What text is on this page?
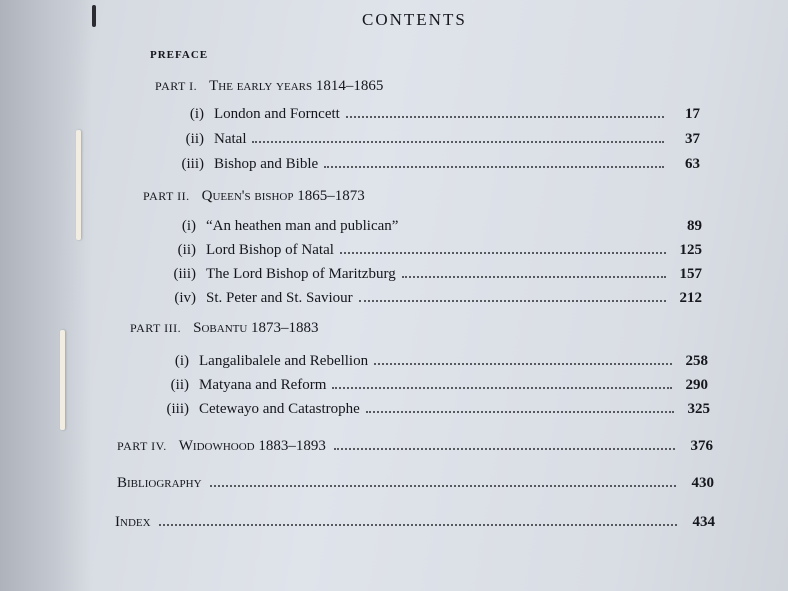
CONTENTS
PREFACE
PART I. The early years 1814–1865
(i) London and Forncett	17
(ii) Natal	37
(iii) Bishop and Bible	63
PART II. Queen's bishop 1865–1873
(i) “An heathen man and publican”	89
(ii) Lord Bishop of Natal	125
(iii) The Lord Bishop of Maritzburg	157
(iv) St. Peter and St. Saviour	212
PART III. Sobantu 1873–1883
(i) Langalibalele and Rebellion	258
(ii) Matyana and Reform	290
(iii) Cetewayo and Catastrophe	325
PART IV. Widowhood 1883–1893	376
Bibliography	430
Index	434
